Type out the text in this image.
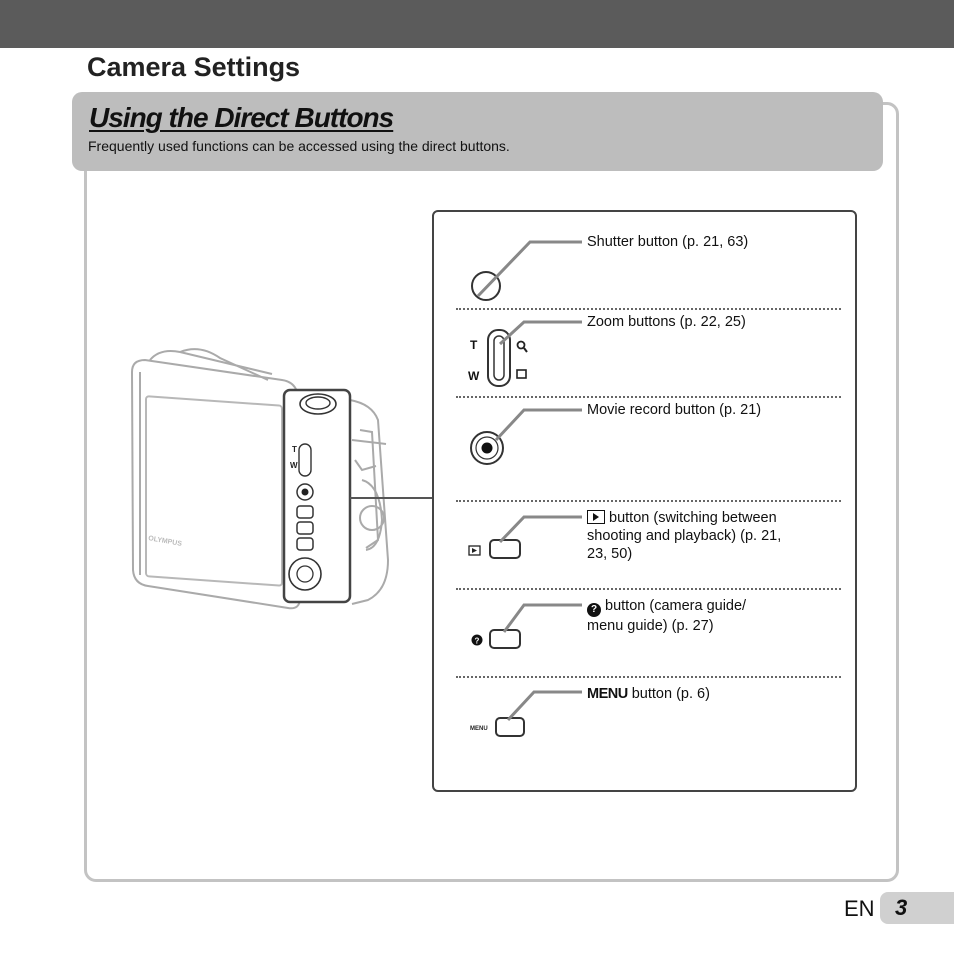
Camera Settings
Using the Direct Buttons
Frequently used functions can be accessed using the direct buttons.
OLYMPUS
T
W
?
MENU
Shutter button (p. 21, 63)
Zoom buttons (p. 22, 25)
T
W
Movie record button (p. 21)
button (switching between
shooting and playback) (p. 21,
23, 50)
? button (camera guide/
menu guide) (p. 27)
MENU button (p. 6)
EN 3
